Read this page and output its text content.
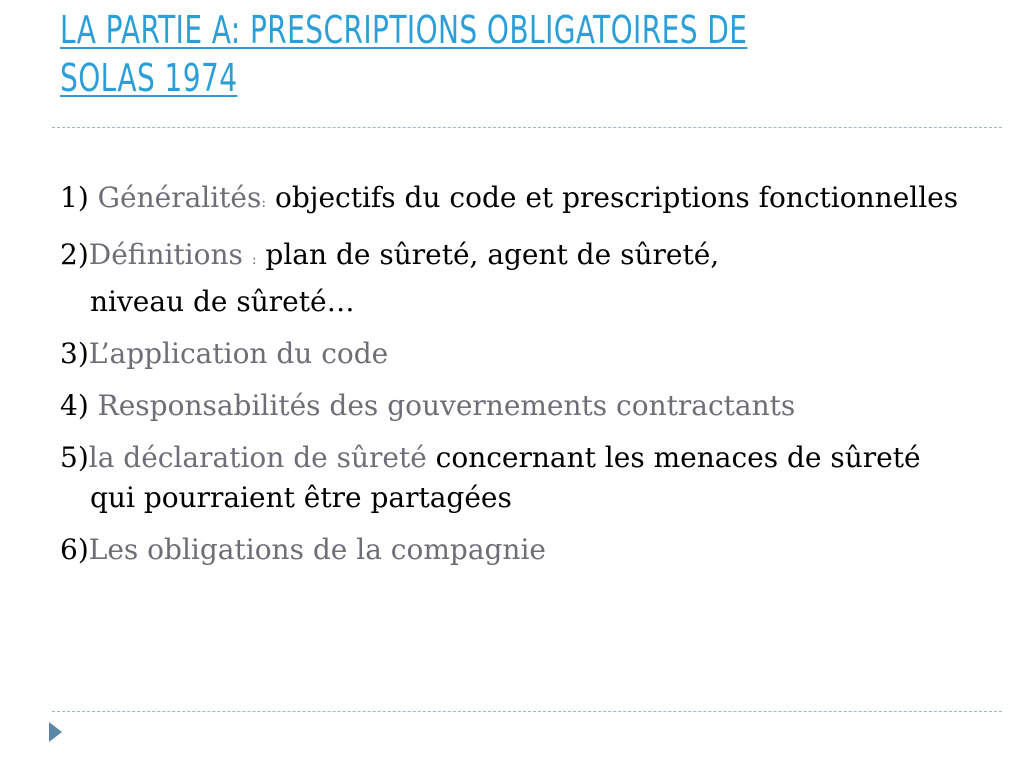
LA PARTIE A: PRESCRIPTIONS OBLIGATOIRES DE SOLAS 1974
1) Généralités: objectifs du code et prescriptions fonctionnelles
2)Définitions : plan de sûreté, agent de sûreté,
niveau de sûreté…
3)L’application du code
4) Responsabilités des gouvernements contractants
5)la déclaration de sûreté concernant les menaces de sûreté qui pourraient être partagées
6)Les obligations de la compagnie
